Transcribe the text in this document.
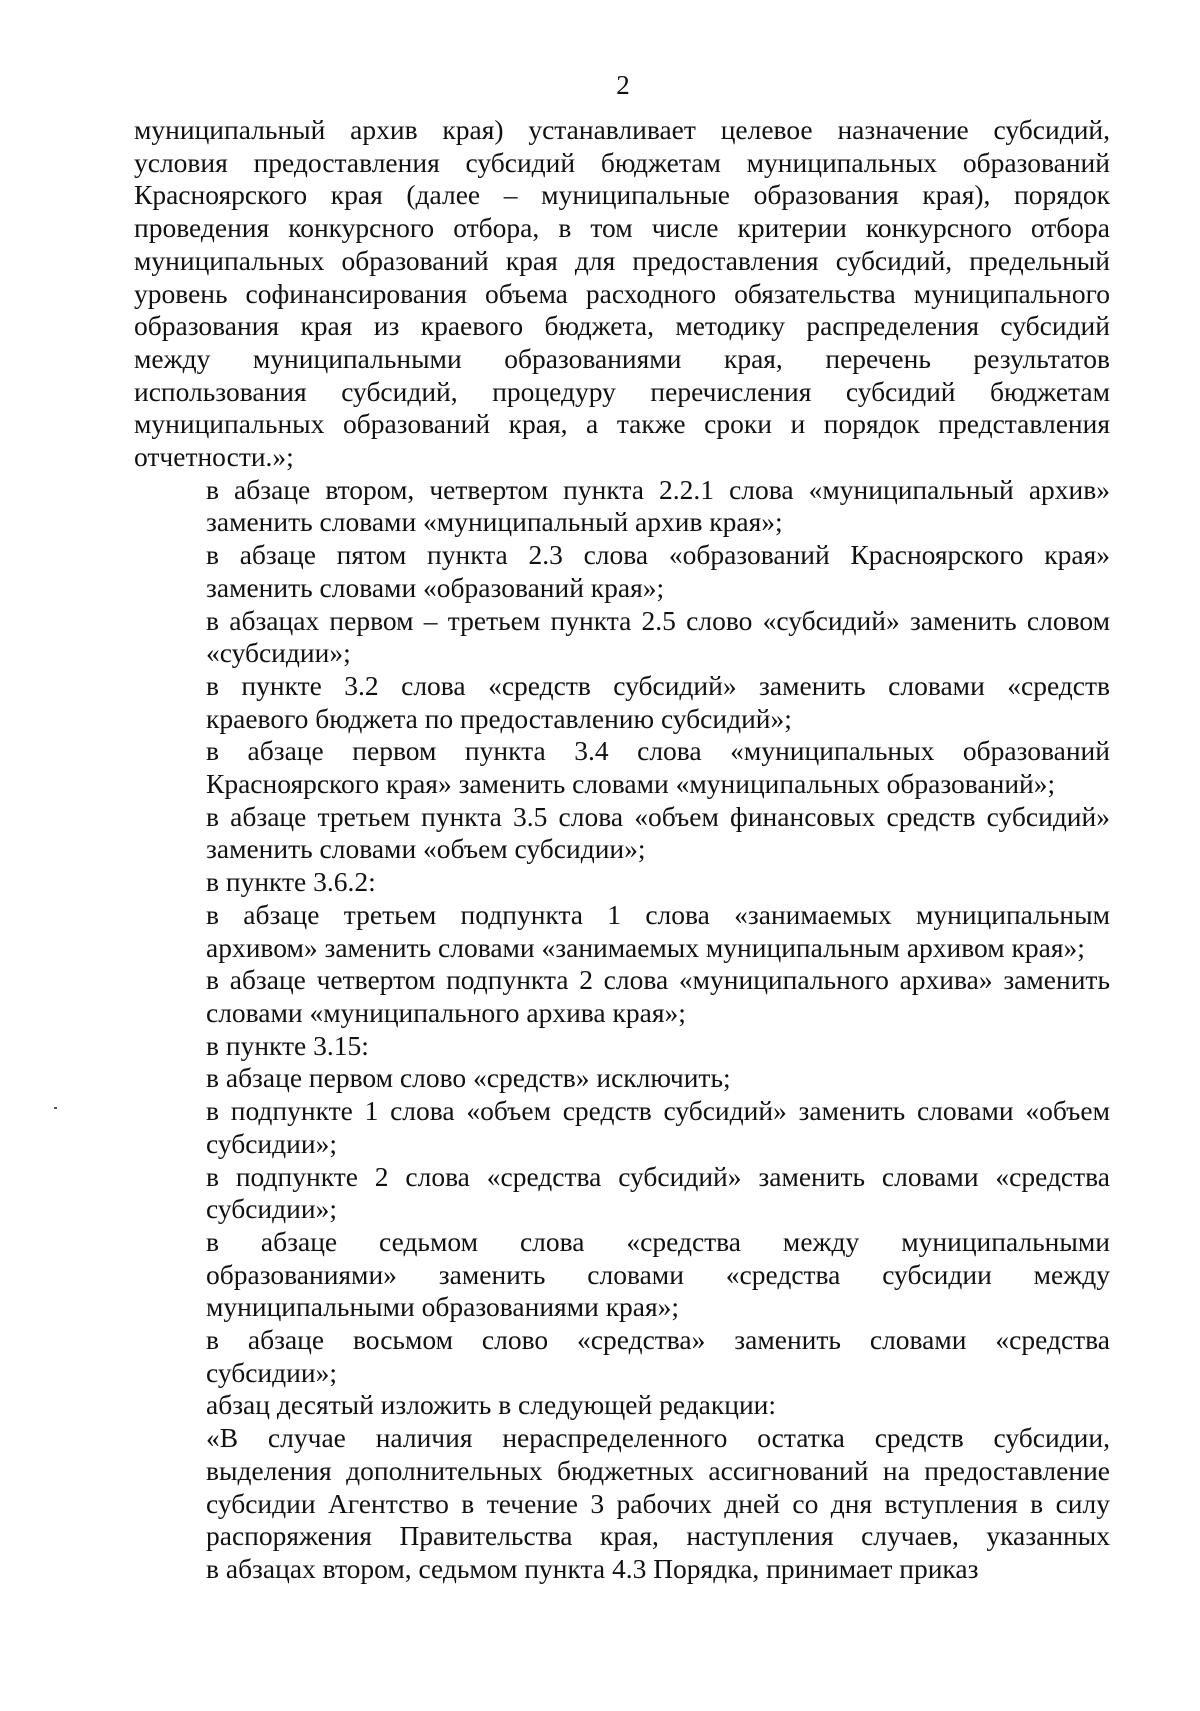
2

муниципальный архив края) устанавливает целевое назначение субсидий,
условия предоставления субсидий бюджетам муниципальных образований
Красноярского края (далее – муниципальные образования края), порядок
проведения конкурсного отбора, в том числе критерии конкурсного отбора
муниципальных образований края для предоставления субсидий, предельный
уровень софинансирования объема расходного обязательства муниципального
образования края из краевого бюджета, методику распределения субсидий
между муниципальными образованиями края, перечень результатов
использования субсидий, процедуру перечисления субсидий бюджетам
муниципальных образований края, а также сроки и порядок представления
отчетности.»;

в абзаце втором, четвертом пункта 2.2.1 слова «муниципальный архив»
заменить словами «муниципальный архив края»;

в абзаце пятом пункта 2.3 слова «образований Красноярского края»
заменить словами «образований края»;

в абзацах первом – третьем пункта 2.5 слово «субсидий» заменить словом
«субсидии»;

в пункте 3.2 слова «средств субсидий» заменить словами «средств
краевого бюджета по предоставлению субсидий»;

в абзаце первом пункта 3.4 слова «муниципальных образований
Красноярского края» заменить словами «муниципальных образований»;

в абзаце третьем пункта 3.5 слова «объем финансовых средств субсидий»
заменить словами «объем субсидии»;

в пункте 3.6.2:

в абзаце третьем подпункта 1 слова «занимаемых муниципальным
архивом» заменить словами «занимаемых муниципальным архивом края»;

в абзаце четвертом подпункта 2 слова «муниципального архива» заменить
словами «муниципального архива края»;

в пункте 3.15:

в абзаце первом слово «средств» исключить;

в подпункте 1 слова «объем средств субсидий» заменить словами «объем
субсидии»;

в подпункте 2 слова «средства субсидий» заменить словами «средства
субсидии»;

в абзаце седьмом слова «средства между муниципальными
образованиями» заменить словами «средства субсидии между
муниципальными образованиями края»;

в абзаце восьмом слово «средства» заменить словами «средства
субсидии»;

абзац десятый изложить в следующей редакции:

«В случае наличия нераспределенного остатка средств субсидии,
выделения дополнительных бюджетных ассигнований на предоставление
субсидии Агентство в течение 3 рабочих дней со дня вступления в силу
распоряжения Правительства края, наступления случаев, указанных
в абзацах втором, седьмом пункта 4.3 Порядка, принимает приказ
